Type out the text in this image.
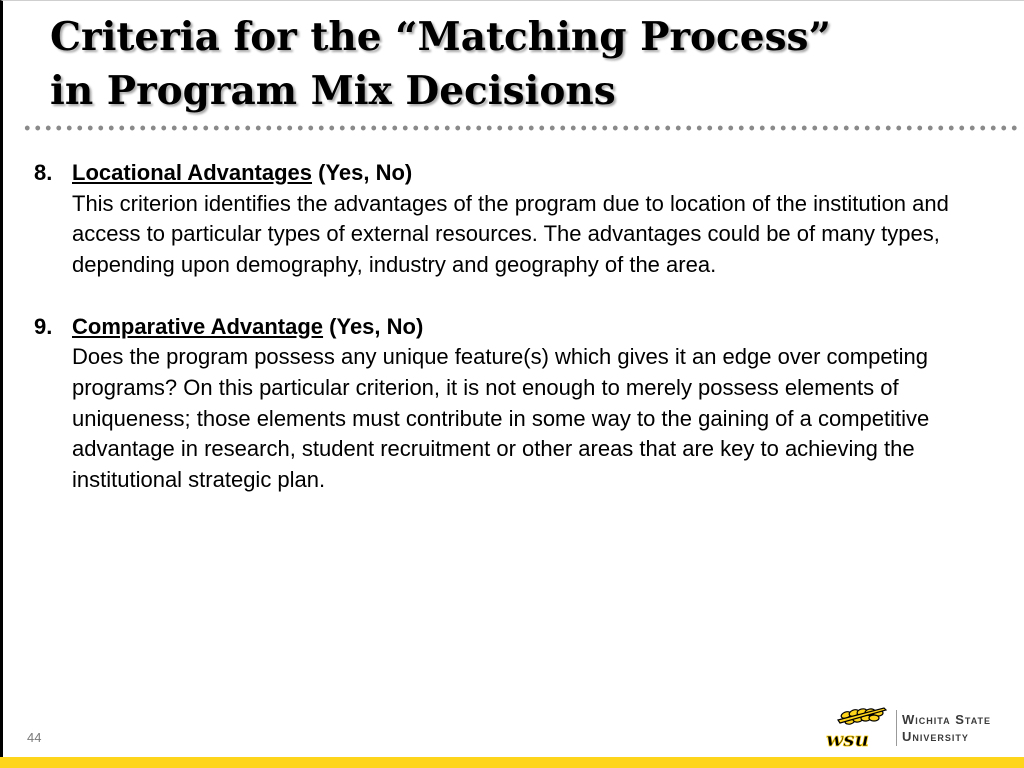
Criteria for the “Matching Process”
in Program Mix Decisions
8. Locational Advantages (Yes, No)
This criterion identifies the advantages of the program due to location of the institution and access to particular types of external resources. The advantages could be of many types, depending upon demography, industry and geography of the area.
9. Comparative Advantage (Yes, No)
Does the program possess any unique feature(s) which gives it an edge over competing programs? On this particular criterion, it is not enough to merely possess elements of uniqueness; those elements must contribute in some way to the gaining of a competitive advantage in research, student recruitment or other areas that are key to achieving the institutional strategic plan.
44	wsu
Wichita State
University
